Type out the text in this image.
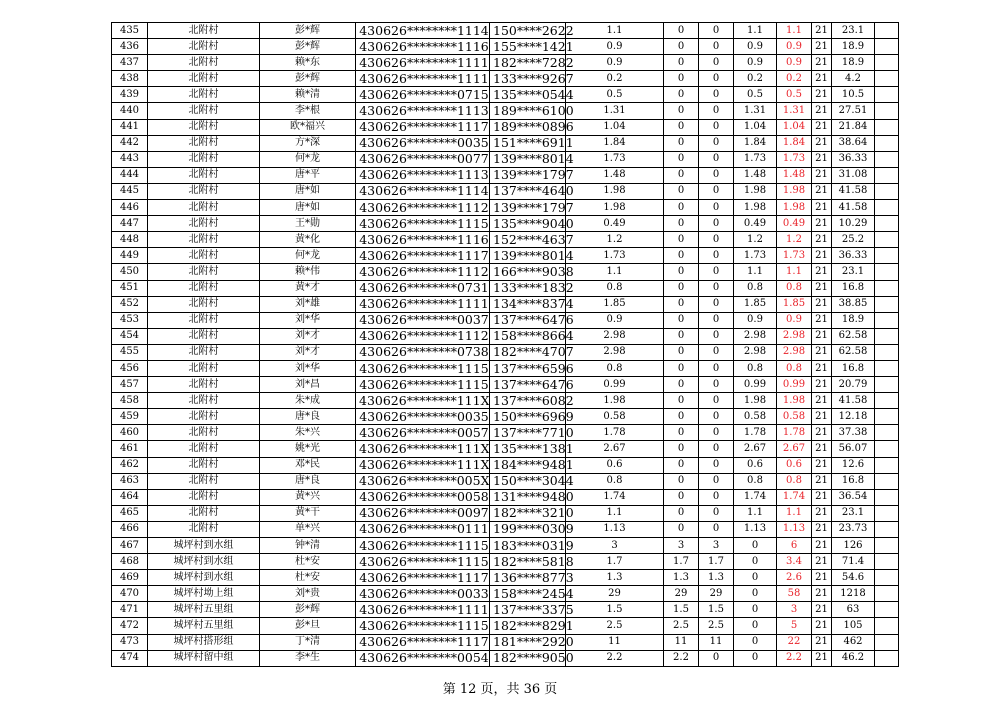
435	北附村	彭*辉	430626********1114	150****2622	1.1	0	0	1.1	1.1	21	23.1	
436	北附村	彭*辉	430626********1116	155****1421	0.9	0	0	0.9	0.9	21	18.9	
437	北附村	赖*东	430626********1111	182****7282	0.9	0	0	0.9	0.9	21	18.9	
438	北附村	彭*辉	430626********1111	133****9267	0.2	0	0	0.2	0.2	21	4.2	
439	北附村	赖*清	430626********0715	135****0544	0.5	0	0	0.5	0.5	21	10.5	
440	北附村	李*根	430626********1113	189****6100	1.31	0	0	1.31	1.31	21	27.51	
441	北附村	欧*福兴	430626********1117	189****0896	1.04	0	0	1.04	1.04	21	21.84	
442	北附村	方*深	430626********0035	151****6911	1.84	0	0	1.84	1.84	21	38.64	
443	北附村	何*龙	430626********0077	139****8014	1.73	0	0	1.73	1.73	21	36.33	
444	北附村	唐*平	430626********1113	139****1797	1.48	0	0	1.48	1.48	21	31.08	
445	北附村	唐*如	430626********1114	137****4640	1.98	0	0	1.98	1.98	21	41.58	
446	北附村	唐*如	430626********1112	139****1797	1.98	0	0	1.98	1.98	21	41.58	
447	北附村	王*勋	430626********1115	135****9040	0.49	0	0	0.49	0.49	21	10.29	
448	北附村	黄*化	430626********1116	152****4637	1.2	0	0	1.2	1.2	21	25.2	
449	北附村	何*龙	430626********1117	139****8014	1.73	0	0	1.73	1.73	21	36.33	
450	北附村	赖*伟	430626********1112	166****9038	1.1	0	0	1.1	1.1	21	23.1	
451	北附村	黄*才	430626********0731	133****1832	0.8	0	0	0.8	0.8	21	16.8	
452	北附村	刘*雄	430626********1111	134****8374	1.85	0	0	1.85	1.85	21	38.85	
453	北附村	刘*华	430626********0037	137****6476	0.9	0	0	0.9	0.9	21	18.9	
454	北附村	刘*才	430626********1112	158****8664	2.98	0	0	2.98	2.98	21	62.58	
455	北附村	刘*才	430626********0738	182****4707	2.98	0	0	2.98	2.98	21	62.58	
456	北附村	刘*华	430626********1115	137****6596	0.8	0	0	0.8	0.8	21	16.8	
457	北附村	刘*昌	430626********1115	137****6476	0.99	0	0	0.99	0.99	21	20.79	
458	北附村	朱*成	430626********111X	137****6082	1.98	0	0	1.98	1.98	21	41.58	
459	北附村	唐*良	430626********0035	150****6969	0.58	0	0	0.58	0.58	21	12.18	
460	北附村	朱*兴	430626********0057	137****7710	1.78	0	0	1.78	1.78	21	37.38	
461	北附村	姚*光	430626********111X	135****1381	2.67	0	0	2.67	2.67	21	56.07	
462	北附村	邓*民	430626********111X	184****9481	0.6	0	0	0.6	0.6	21	12.6	
463	北附村	唐*良	430626********005X	150****3044	0.8	0	0	0.8	0.8	21	16.8	
464	北附村	黄*兴	430626********0058	131****9480	1.74	0	0	1.74	1.74	21	36.54	
465	北附村	黄*干	430626********0097	182****3210	1.1	0	0	1.1	1.1	21	23.1	
466	北附村	单*兴	430626********0111	199****0309	1.13	0	0	1.13	1.13	21	23.73	
467	城坪村到水组	钟*清	430626********1115	183****0319	3	3	3	0	6	21	126	
468	城坪村到水组	杜*安	430626********1115	182****5818	1.7	1.7	1.7	0	3.4	21	71.4	
469	城坪村到水组	杜*安	430626********1117	136****8773	1.3	1.3	1.3	0	2.6	21	54.6	
470	城坪村坳上组	刘*贵	430626********0033	158****2454	29	29	29	0	58	21	1218	
471	城坪村五里组	彭*辉	430626********1111	137****3375	1.5	1.5	1.5	0	3	21	63	
472	城坪村五里组	彭*旦	430626********1115	182****8291	2.5	2.5	2.5	0	5	21	105	
473	城坪村搭形组	丁*清	430626********1117	181****2920	11	11	11	0	22	21	462	
474	城坪村留中组	李*生	430626********0054	182****9050	2.2	2.2	0	0	2.2	21	46.2	
第 12 页，共 36 页
